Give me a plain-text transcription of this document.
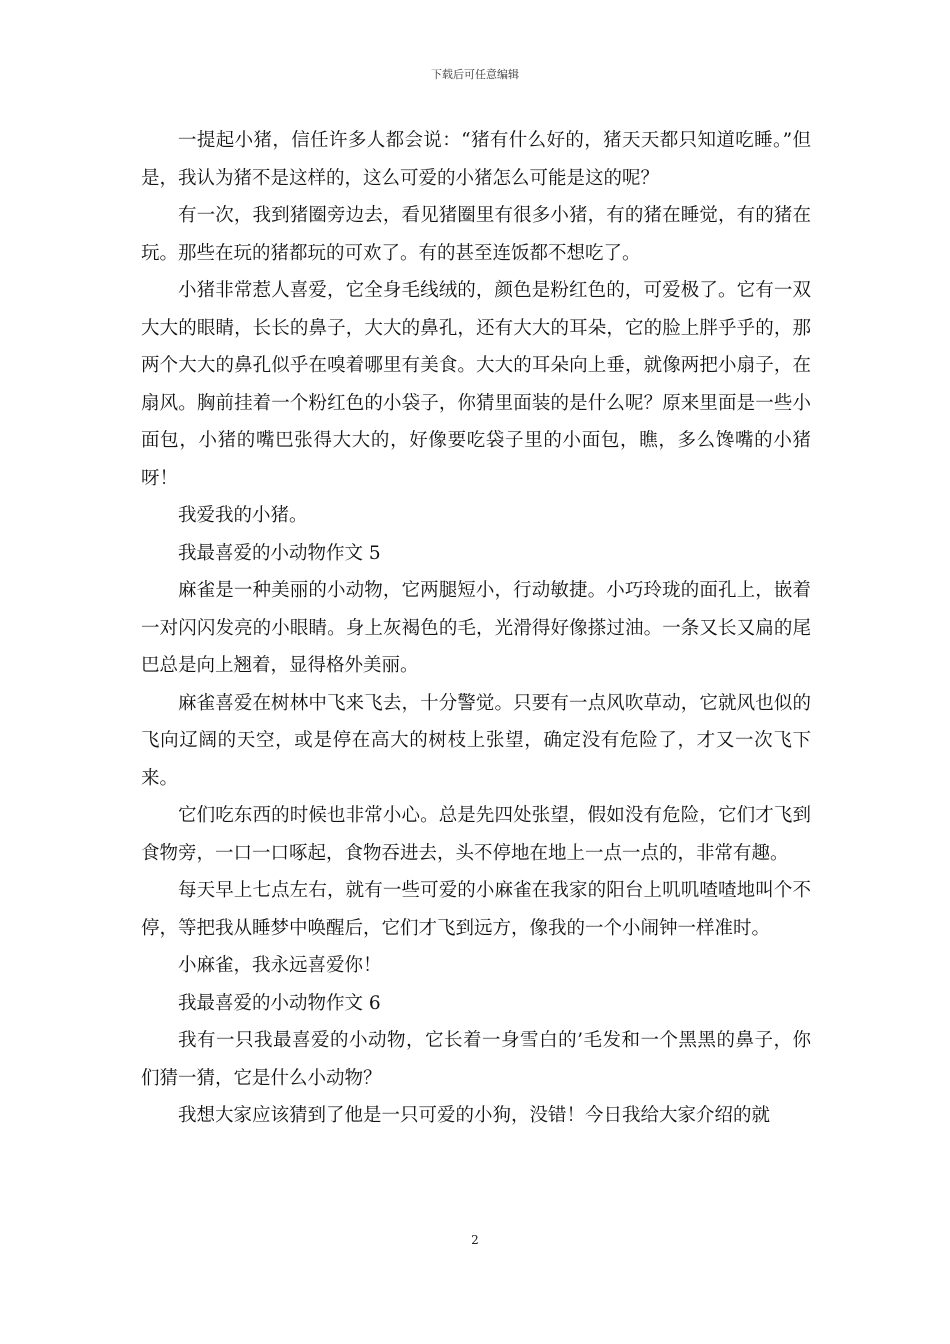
下载后可任意编辑

一提起小猪，信任许多人都会说：“猪有什么好的，猪天天都只知道吃睡。”但是，我认为猪不是这样的，这么可爱的小猪怎么可能是这的呢？

有一次，我到猪圈旁边去，看见猪圈里有很多小猪，有的猪在睡觉，有的猪在玩。那些在玩的猪都玩的可欢了。有的甚至连饭都不想吃了。

小猪非常惹人喜爱，它全身毛线绒的，颜色是粉红色的，可爱极了。它有一双大大的眼睛，长长的鼻子，大大的鼻孔，还有大大的耳朵，它的脸上胖乎乎的，那两个大大的鼻孔似乎在嗅着哪里有美食。大大的耳朵向上垂，就像两把小扇子，在扇风。胸前挂着一个粉红色的小袋子，你猜里面装的是什么呢？原来里面是一些小面包，小猪的嘴巴张得大大的，好像要吃袋子里的小面包，瞧，多么馋嘴的小猪呀！

我爱我的小猪。

我最喜爱的小动物作文 5

麻雀是一种美丽的小动物，它两腿短小，行动敏捷。小巧玲珑的面孔上，嵌着一对闪闪发亮的小眼睛。身上灰褐色的毛，光滑得好像搽过油。一条又长又扁的尾巴总是向上翘着，显得格外美丽。

麻雀喜爱在树林中飞来飞去，十分警觉。只要有一点风吹草动，它就风也似的飞向辽阔的天空，或是停在高大的树枝上张望，确定没有危险了，才又一次飞下来。

它们吃东西的时候也非常小心。总是先四处张望，假如没有危险，它们才飞到食物旁，一口一口啄起，食物吞进去，头不停地在地上一点一点的，非常有趣。

每天早上七点左右，就有一些可爱的小麻雀在我家的阳台上叽叽喳喳地叫个不停，等把我从睡梦中唤醒后，它们才飞到远方，像我的一个小闹钟一样准时。

小麻雀，我永远喜爱你！

我最喜爱的小动物作文 6

我有一只我最喜爱的小动物，它长着一身雪白的’毛发和一个黑黑的鼻子，你们猜一猜，它是什么小动物？

我想大家应该猜到了他是一只可爱的小狗，没错！今日我给大家介绍的就

2
